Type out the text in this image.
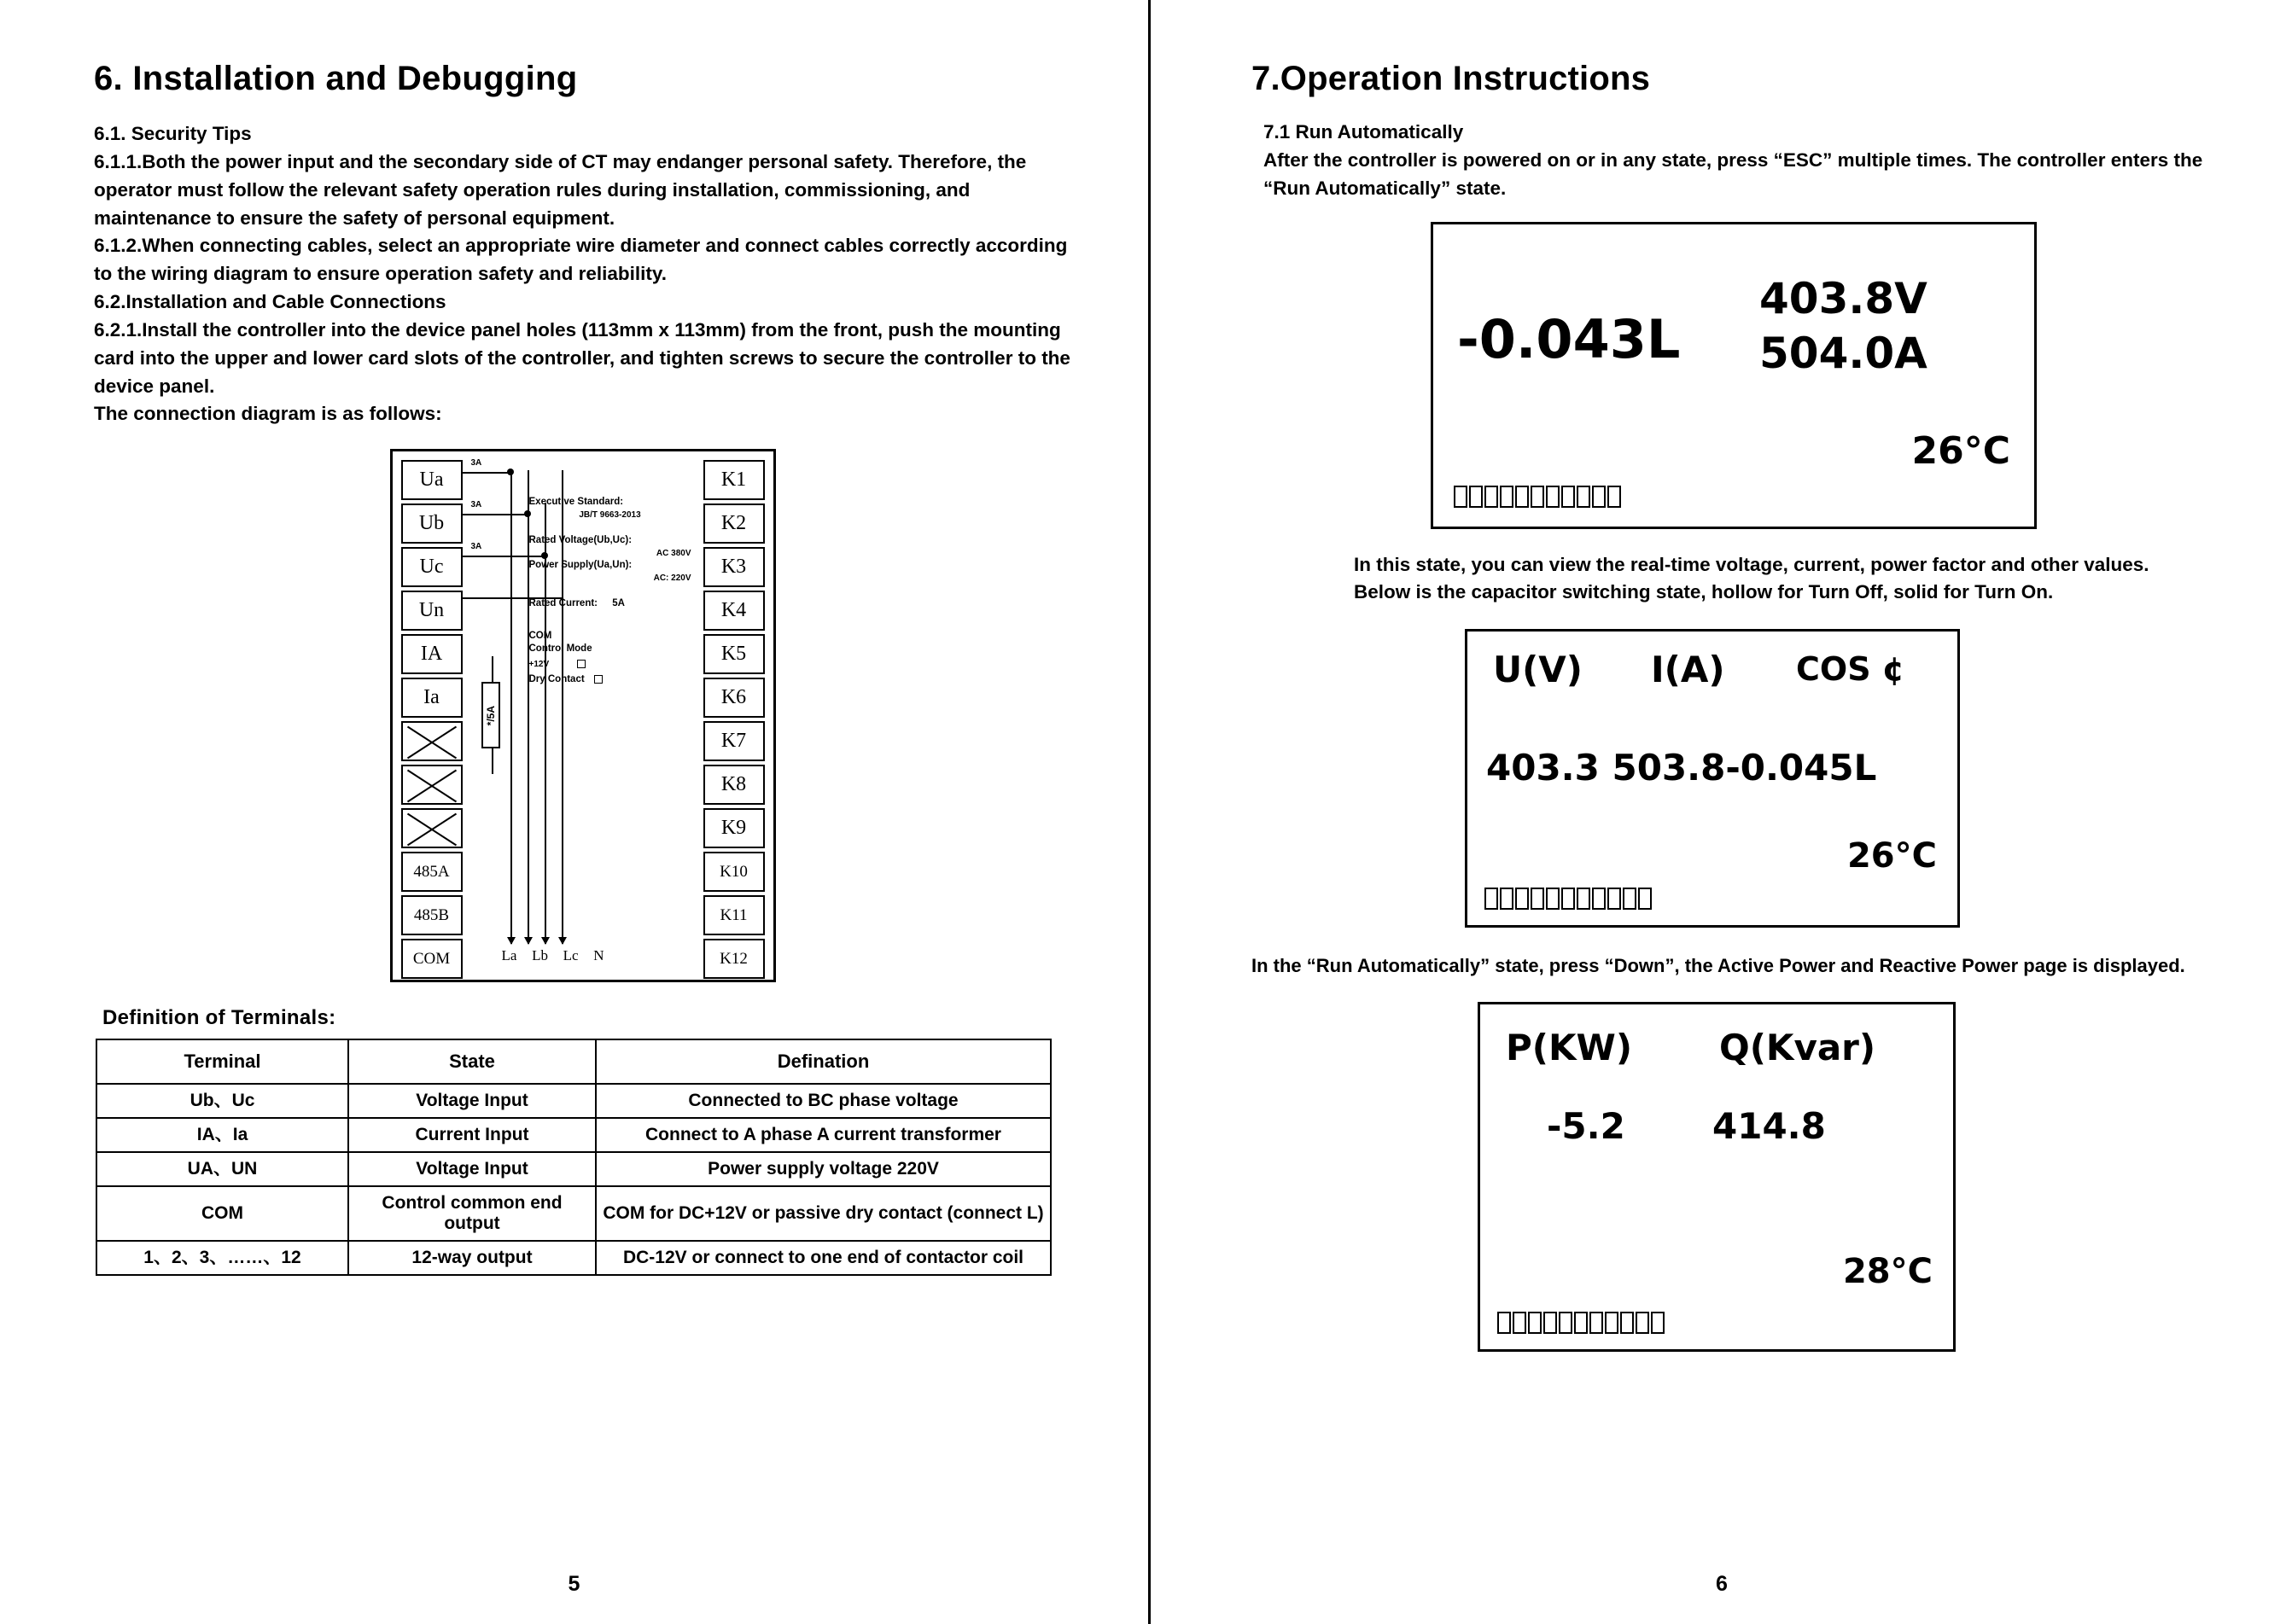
6. Installation and Debugging

6.1. Security Tips

6.1.1.Both the power input and the secondary side of CT may endanger personal safety. Therefore, the operator must follow the relevant safety operation rules during installation, commissioning, and maintenance to ensure the safety of personal equipment.

6.1.2.When connecting cables, select an appropriate wire diameter and connect cables correctly according to the wiring diagram to ensure operation safety and reliability.

6.2.Installation and Cable Connections

6.2.1.Install the controller into the device panel holes (113mm x 113mm) from the front, push the mounting card into the upper and lower card slots of the controller, and tighten screws to secure the controller to the device panel.

The connection diagram is as follows:

Ua
Ub
Uc
Un
IA
Ia
485A
485B
COM
K1
K2
K3
K4
K5
K6
K7
K8
K9
K10
K11
K12
3A
3A
3A
*/5A
La Lb Lc N
Executive Standard:
JB/T 9663-2013
Rated Voltage(Ub,Uc):
AC 380V
Power Supply(Ua,Un):
AC: 220V
Rated Current: 5A
COM
Control Mode
+12V
Dry Contact
Definition of Terminals:
Terminal	State	Defination
Ub、Uc	Voltage Input	Connected to BC phase voltage
IA、Ia	Current Input	Connect to A phase A current transformer
UA、UN	Voltage Input	Power supply voltage 220V
COM	Control common end output	COM for DC+12V or passive dry contact (connect L)
1、2、3、……、12	12-way output	DC-12V or connect to one end of contactor coil
5
7.Operation Instructions

7.1 Run Automatically

After the controller is powered on or in any state, press “ESC” multiple times. The controller enters the “Run Automatically” state.

-0.043L
403.8V
504.0A
26°C
In this state, you can view the real-time voltage, current, power factor and other values. Below is the capacitor switching state, hollow for Turn Off, solid for Turn On.
U(V) I(A) COS ¢
403.3 503.8-0.045L
26°C
In the “Run Automatically” state, press “Down”, the Active Power and Reactive Power page is displayed.
P(KW) Q(Kvar)
-5.2 414.8
28°C
6
